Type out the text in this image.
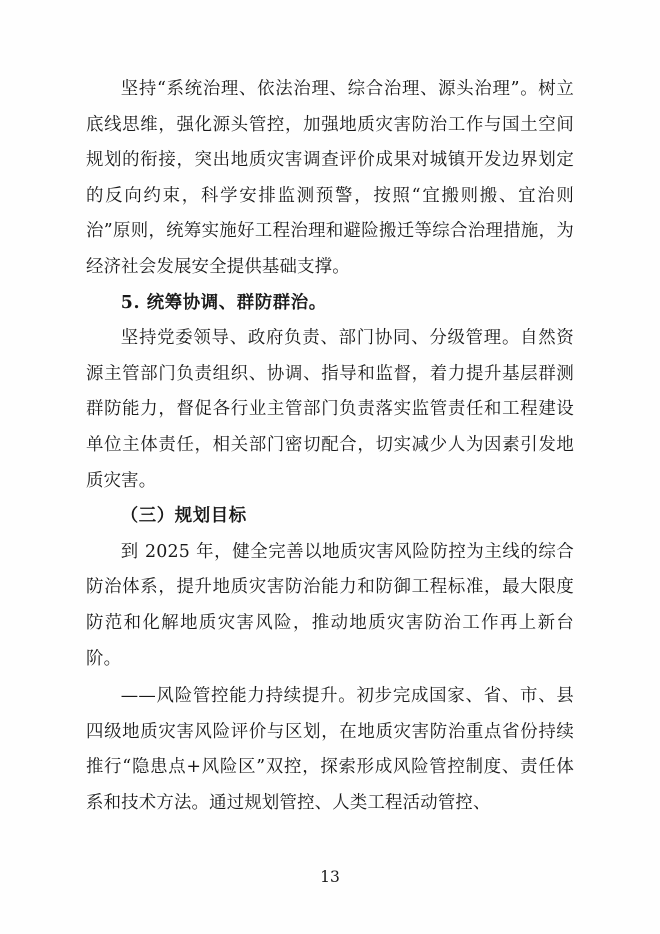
坚持“系统治理、依法治理、综合治理、源头治理”。树立底线思维，强化源头管控，加强地质灾害防治工作与国土空间规划的衔接，突出地质灾害调查评价成果对城镇开发边界划定的反向约束，科学安排监测预警，按照“宜搬则搬、宜治则治”原则，统筹实施好工程治理和避险搬迁等综合治理措施，为经济社会发展安全提供基础支撑。

5. 统筹协调、群防群治。

坚持党委领导、政府负责、部门协同、分级管理。自然资源主管部门负责组织、协调、指导和监督，着力提升基层群测群防能力，督促各行业主管部门负责落实监管责任和工程建设单位主体责任，相关部门密切配合，切实减少人为因素引发地质灾害。

（三）规划目标

到 2025 年，健全完善以地质灾害风险防控为主线的综合防治体系，提升地质灾害防治能力和防御工程标准，最大限度防范和化解地质灾害风险，推动地质灾害防治工作再上新台阶。

——风险管控能力持续提升。初步完成国家、省、市、县四级地质灾害风险评价与区划，在地质灾害防治重点省份持续推行“隐患点+风险区”双控，探索形成风险管控制度、责任体系和技术方法。通过规划管控、人类工程活动管控、

13
